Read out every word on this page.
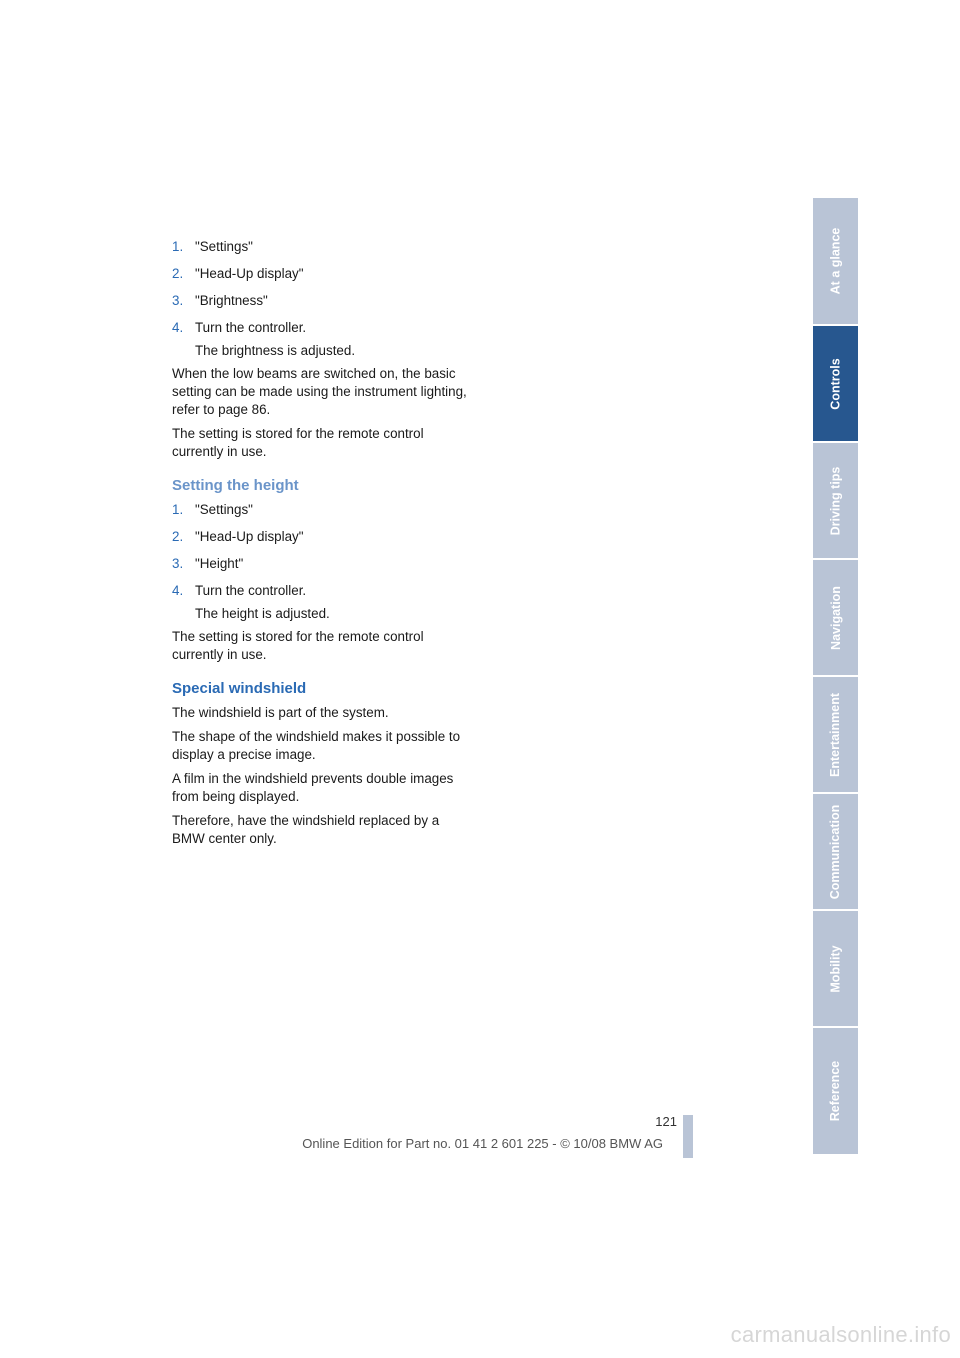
1. "Settings"
2. "Head-Up display"
3. "Brightness"
4. Turn the controller.
The brightness is adjusted.

When the low beams are switched on, the basic setting can be made using the instrument lighting, refer to page 86.

The setting is stored for the remote control currently in use.

Setting the height
1. "Settings"
2. "Head-Up display"
3. "Height"
4. Turn the controller.
The height is adjusted.

The setting is stored for the remote control currently in use.

Special windshield

The windshield is part of the system.

The shape of the windshield makes it possible to display a precise image.

A film in the windshield prevents double images from being displayed.

Therefore, have the windshield replaced by a BMW center only.

At a glance
Controls
Driving tips
Navigation
Entertainment
Communication
Mobility
Reference
121
Online Edition for Part no. 01 41 2 601 225 - © 10/08 BMW AG
carmanualsonline.info
